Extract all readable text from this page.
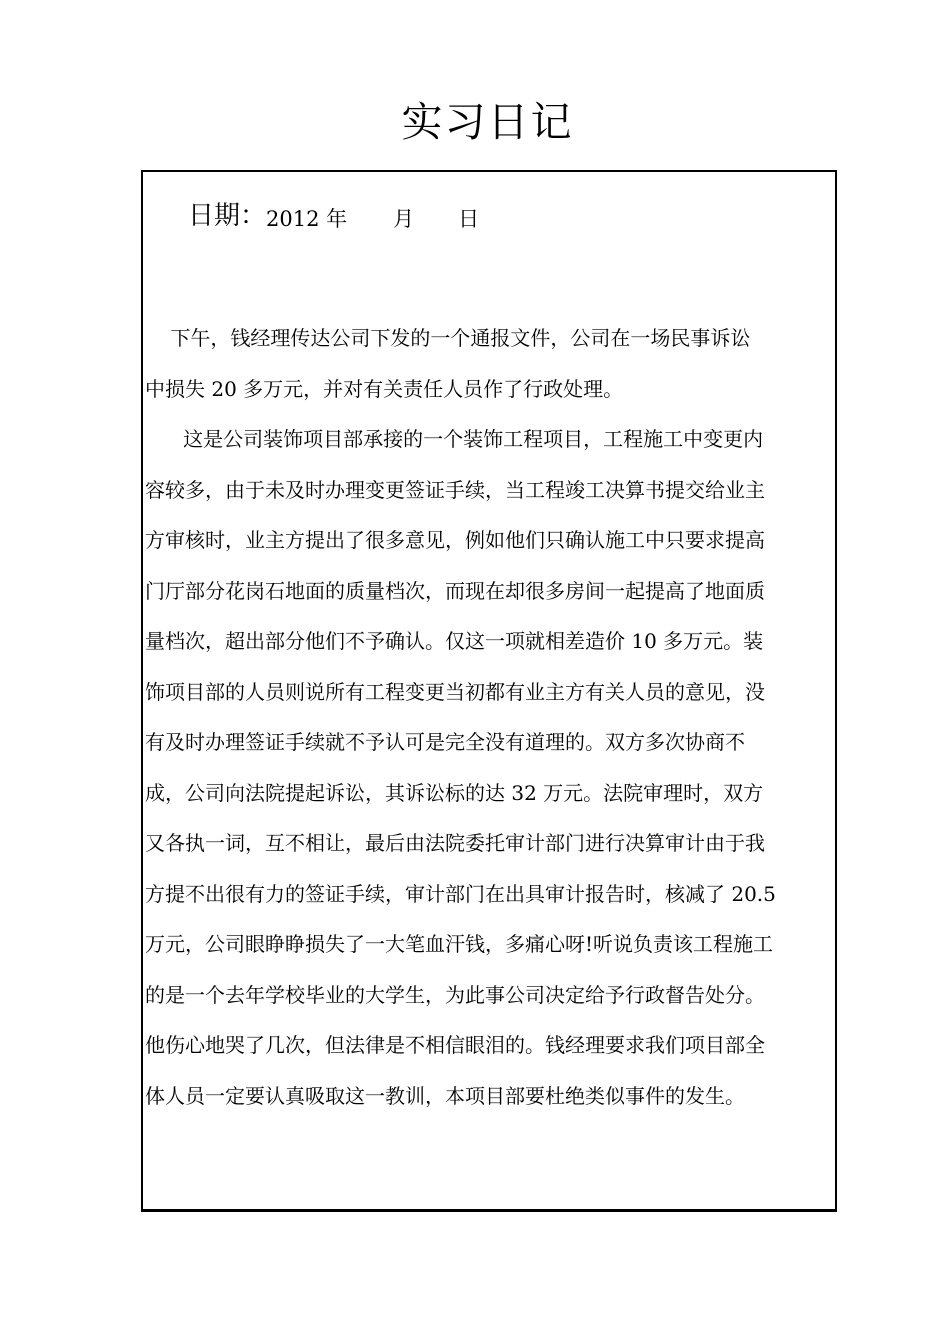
实习日记
日期：2012 年 月 日
下午，钱经理传达公司下发的一个通报文件，公司在一场民事诉讼
中损失 20 多万元，并对有关责任人员作了行政处理。
这是公司装饰项目部承接的一个装饰工程项目，工程施工中变更内
容较多，由于未及时办理变更签证手续，当工程竣工决算书提交给业主
方审核时，业主方提出了很多意见，例如他们只确认施工中只要求提高
门厅部分花岗石地面的质量档次，而现在却很多房间一起提高了地面质
量档次，超出部分他们不予确认。仅这一项就相差造价 10 多万元。装
饰项目部的人员则说所有工程变更当初都有业主方有关人员的意见，没
有及时办理签证手续就不予认可是完全没有道理的。双方多次协商不
成，公司向法院提起诉讼，其诉讼标的达 32 万元。法院审理时，双方
又各执一词，互不相让，最后由法院委托审计部门进行决算审计由于我
方提不出很有力的签证手续，审计部门在出具审计报告时，核减了 20.5
万元，公司眼睁睁损失了一大笔血汗钱，多痛心呀!听说负责该工程施工
的是一个去年学校毕业的大学生，为此事公司决定给予行政督告处分。
他伤心地哭了几次，但法律是不相信眼泪的。钱经理要求我们项目部全
体人员一定要认真吸取这一教训，本项目部要杜绝类似事件的发生。
